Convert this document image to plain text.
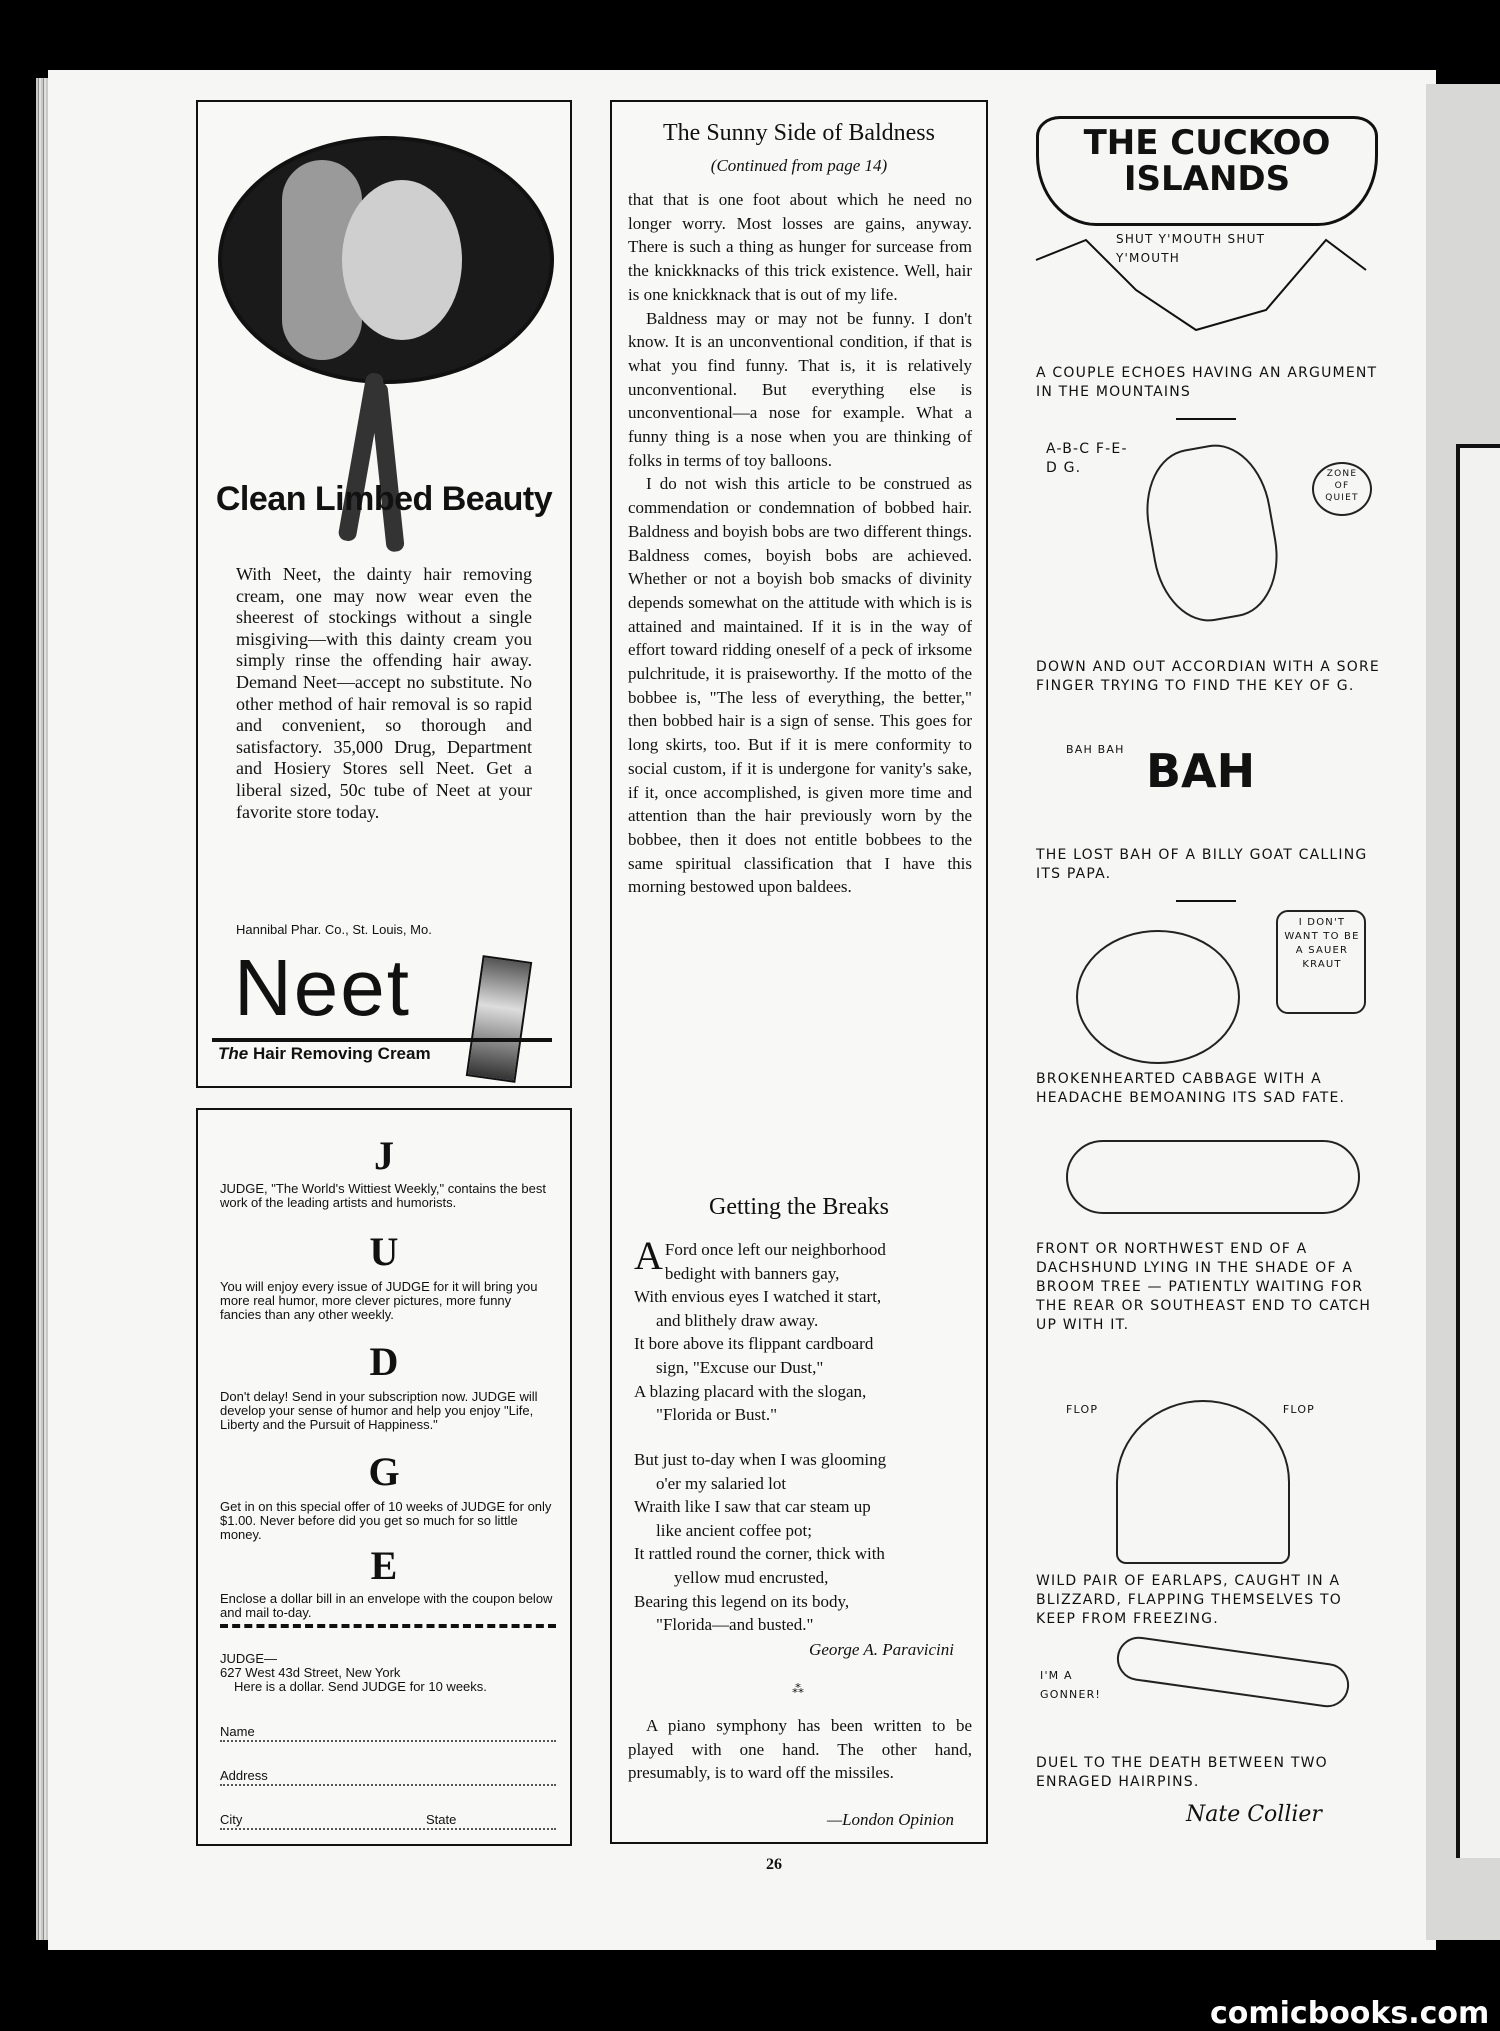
Clean Limbed Beauty
With Neet, the dainty hair removing cream, one may now wear even the sheerest of stockings without a single misgiving—with this dainty cream you simply rinse the offending hair away. Demand Neet—accept no substitute. No other method of hair removal is so rapid and convenient, so thorough and satisfactory. 35,000 Drug, Department and Hosiery Stores sell Neet. Get a liberal sized, 50c tube of Neet at your favorite store today.
Hannibal Phar. Co., St. Louis, Mo.
Neet
The Hair Removing Cream
J
JUDGE, "The World's Wittiest Weekly," contains the best work of the leading artists and humorists.
U
You will enjoy every issue of JUDGE for it will bring you more real humor, more clever pictures, more funny fancies than any other weekly.
D
Don't delay! Send in your subscription now. JUDGE will develop your sense of humor and help you enjoy "Life, Liberty and the Pursuit of Happiness."
G
Get in on this special offer of 10 weeks of JUDGE for only $1.00. Never before did you get so much for so little money.
E
Enclose a dollar bill in an envelope with the coupon below and mail to-day.
JUDGE—
627 West 43d Street, New York
Here is a dollar. Send JUDGE for 10 weeks.
Name
Address
City	State
The Sunny Side of Baldness
(Continued from page 14)

that that is one foot about which he need no longer worry. Most losses are gains, anyway. There is such a thing as hunger for surcease from the knickknacks of this trick existence. Well, hair is one knickknack that is out of my life.

Baldness may or may not be funny. I don't know. It is an unconventional condition, if that is what you find funny. That is, it is relatively unconventional. But everything else is unconventional—a nose for example. What a funny thing is a nose when you are thinking of folks in terms of toy balloons.

I do not wish this article to be construed as commendation or condemnation of bobbed hair. Baldness and boyish bobs are two different things. Baldness comes, boyish bobs are achieved. Whether or not a boyish bob smacks of divinity depends somewhat on the attitude with which is is attained and maintained. If it is in the way of effort toward ridding oneself of a peck of irksome pulchritude, it is praiseworthy. If the motto of the bobbee is, "The less of everything, the better," then bobbed hair is a sign of sense. This goes for long skirts, too. But if it is mere conformity to social custom, if it is undergone for vanity's sake, if it, once accomplished, is given more time and attention than the hair previously worn by the bobbee, then it does not entitle bobbees to the same spiritual classification that I have this morning bestowed upon baldees.

Getting the Breaks
A Ford once left our neighborhood
bedight with banners gay,
With envious eyes I watched it start,
and blithely draw away.
It bore above its flippant cardboard
sign, "Excuse our Dust,"
A blazing placard with the slogan,
"Florida or Bust."
But just to-day when I was glooming
o'er my salaried lot
Wraith like I saw that car steam up
like ancient coffee pot;
It rattled round the corner, thick with
yellow mud encrusted,
Bearing this legend on its body,
"Florida—and busted."
George A. Paravicini
⁂

A piano symphony has been written to be played with one hand. The other hand, presumably, is to ward off the missiles.

—London Opinion
THE CUCKOO
ISLANDS
SHUT Y'MOUTH SHUT Y'MOUTH
A COUPLE ECHOES HAVING AN ARGUMENT IN THE MOUNTAINS
A-B-C F-E-D G.	ZONE OF QUIET
DOWN AND OUT ACCORDIAN WITH A SORE FINGER TRYING TO FIND THE KEY OF G.
BAH BAH BAH
THE LOST BAH OF A BILLY GOAT CALLING ITS PAPA.
I DON'T WANT TO BE A SAUER KRAUT
BROKENHEARTED CABBAGE WITH A HEADACHE BEMOANING ITS SAD FATE.
FRONT OR NORTHWEST END OF A DACHSHUND LYING IN THE SHADE OF A BROOM TREE — PATIENTLY WAITING FOR THE REAR OR SOUTHEAST END TO CATCH UP WITH IT.
FLOP FLOP
WILD PAIR OF EARLAPS, CAUGHT IN A BLIZZARD, FLAPPING THEMSELVES TO KEEP FROM FREEZING.
I'M A GONNER!
DUEL TO THE DEATH BETWEEN TWO ENRAGED HAIRPINS.
Nate Collier
26
comicbooks.com
